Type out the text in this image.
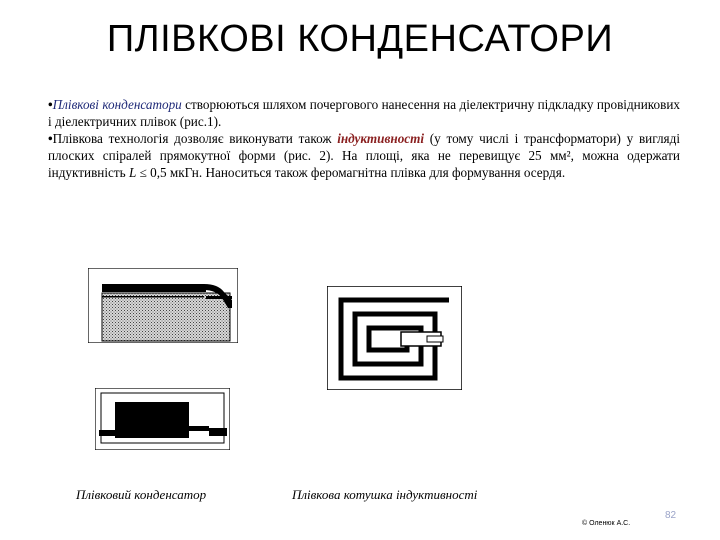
ПЛІВКОВІ КОНДЕНСАТОРИ

•Плівкові конденсатори створюються шляхом почергового нанесення на діелектричну підкладку провідникових і діелектричних плівок (рис.1).

•Плівкова технологія дозволяє виконувати також індуктивності (у тому числі і трансформатори) у вигляді плоских спіралей прямокутної форми (рис. 2). На площі, яка не перевищує 25 мм², можна одержати індуктивність L ≤ 0,5 мкГн. Наноситься також феромагнітна плівка для формування осердя.

Плівковий конденсатор	Плівкова котушка індуктивності
© Оленюк А.С.
82
